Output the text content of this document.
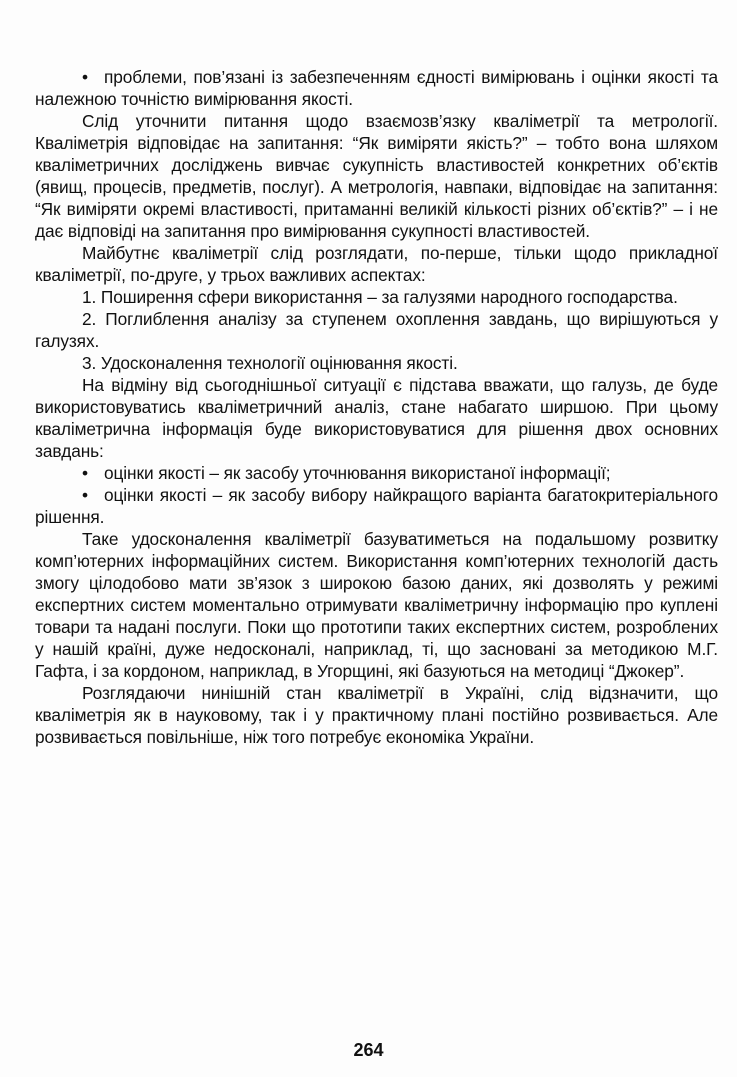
• проблеми, пов’язані із забезпеченням єдності вимірювань і оцінки якості та належною точністю вимірювання якості.

Слід уточнити питання щодо взаємозв’язку кваліметрії та метрології. Кваліметрія відповідає на запитання: “Як виміряти якість?” – тобто вона шляхом кваліметричних досліджень вивчає сукупність властивостей конкретних об’єктів (явищ, процесів, предметів, послуг). А метрологія, навпаки, відповідає на запитання: “Як виміряти окремі властивості, притаманні великій кількості різних об’єктів?” – і не дає відповіді на запитання про вимірювання сукупності властивостей.

Майбутнє кваліметрії слід розглядати, по-перше, тільки щодо прикладної кваліметрії, по-друге, у трьох важливих аспектах:

1. Поширення сфери використання – за галузями народного господарства.

2. Поглиблення аналізу за ступенем охоплення завдань, що вирішуються у галузях.

3. Удосконалення технології оцінювання якості.

На відміну від сьогоднішньої ситуації є підстава вважати, що галузь, де буде використовуватись кваліметричний аналіз, стане набагато ширшою. При цьому кваліметрична інформація буде використовуватися для рішення двох основних завдань:

• оцінки якості – як засобу уточнювання використаної інформації;

• оцінки якості – як засобу вибору найкращого варіанта багатокритеріального рішення.

Таке удосконалення кваліметрії базуватиметься на подальшому розвитку комп’ютерних інформаційних систем. Використання комп’ютерних технологій дасть змогу цілодобово мати зв’язок з широкою базою даних, які дозволять у режимі експертних систем моментально отримувати кваліметричну інформацію про куплені товари та надані послуги. Поки що прототипи таких експертних систем, розроблених у нашій країні, дуже недосконалі, наприклад, ті, що засновані за методикою М.Г. Гафта, і за кордоном, наприклад, в Угорщині, які базуються на методиці “Джокер”.

Розглядаючи нинішній стан кваліметрії в Україні, слід відзначити, що кваліметрія як в науковому, так і у практичному плані постійно розвивається. Але розвивається повільніше, ніж того потребує економіка України.

264
